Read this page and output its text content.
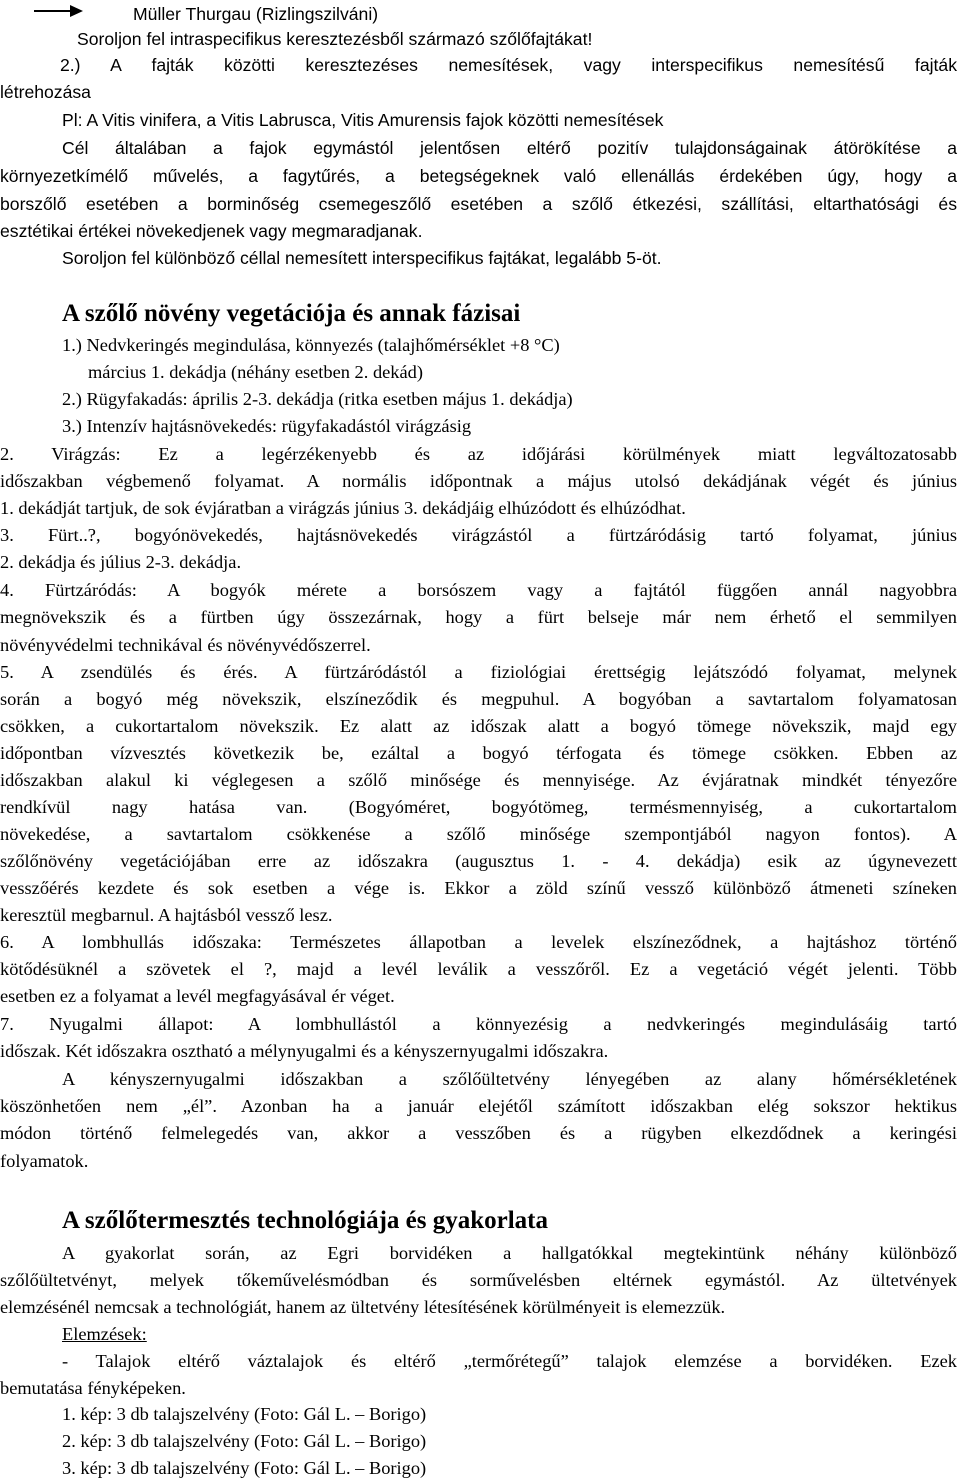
Müller Thurgau (Rizlingszilváni)
Soroljon fel intraspecifikus keresztezésből származó szőlőfajtákat!
2.) A fajták közötti keresztezéses nemesítések, vagy interspecifikus nemesítésű fajták
létrehozása
Pl: A Vitis vinifera, a Vitis Labrusca, Vitis Amurensis fajok közötti nemesítések
Cél általában a fajok egymástól jelentősen eltérő pozitív tulajdonságainak átörökítése a
környezetkímélő művelés, a fagytűrés, a betegségeknek való ellenállás érdekében úgy, hogy a
borszőlő esetében a borminőség csemegeszőlő esetében a szőlő étkezési, szállítási, eltarthatósági és
esztétikai értékei növekedjenek vagy megmaradjanak.
Soroljon fel különböző céllal nemesített interspecifikus fajtákat, legalább 5-öt.
A szőlő növény vegetációja és annak fázisai
1.) Nedvkeringés megindulása, könnyezés (talajhőmérséklet +8 °C)
március 1. dekádja (néhány esetben 2. dekád)
2.) Rügyfakadás: április 2-3. dekádja (ritka esetben május 1. dekádja)
3.) Intenzív hajtásnövekedés: rügyfakadástól virágzásig
2. Virágzás: Ez a legérzékenyebb és az időjárási körülmények miatt legváltozatosabb
időszakban végbemenő folyamat. A normális időpontnak a május utolsó dekádjának végét és június
1. dekádját tartjuk, de sok évjáratban a virágzás június 3. dekádjáig elhúzódott és elhúzódhat.
3. Fürt..?, bogyónövekedés, hajtásnövekedés virágzástól a fürtzáródásig tartó folyamat, június
2. dekádja és július 2-3. dekádja.
4. Fürtzáródás: A bogyók mérete a borsószem vagy a fajtától függően annál nagyobbra
megnövekszik és a fürtben úgy összezárnak, hogy a fürt belseje már nem érhető el semmilyen
növényvédelmi technikával és növényvédőszerrel.
5. A zsendülés és érés. A fürtzáródástól a fiziológiai érettségig lejátszódó folyamat, melynek
során a bogyó még növekszik, elszíneződik és megpuhul. A bogyóban a savtartalom folyamatosan
csökken, a cukortartalom növekszik. Ez alatt az időszak alatt a bogyó tömege növekszik, majd egy
időpontban vízvesztés következik be, ezáltal a bogyó térfogata és tömege csökken. Ebben az
időszakban alakul ki véglegesen a szőlő minősége és mennyisége. Az évjáratnak mindkét tényezőre
rendkívül nagy hatása van. (Bogyóméret, bogyótömeg, termésmennyiség, a cukortartalom
növekedése, a savtartalom csökkenése a szőlő minősége szempontjából nagyon fontos). A
szőlőnövény vegetációjában erre az időszakra (augusztus 1. - 4. dekádja) esik az úgynevezett
vesszőérés kezdete és sok esetben a vége is. Ekkor a zöld színű vessző különböző átmeneti színeken
keresztül megbarnul. A hajtásból vessző lesz.
6. A lombhullás időszaka: Természetes állapotban a levelek elszíneződnek, a hajtáshoz történő
kötődésüknél a szövetek el ?, majd a levél leválik a vesszőről. Ez a vegetáció végét jelenti. Több
esetben ez a folyamat a levél megfagyásával ér véget.
7. Nyugalmi állapot: A lombhullástól a könnyezésig a nedvkeringés megindulásáig tartó
időszak. Két időszakra osztható a mélynyugalmi és a kényszernyugalmi időszakra.
A kényszernyugalmi időszakban a szőlőültetvény lényegében az alany hőmérsékletének
köszönhetően nem „él”. Azonban ha a január elejétől számított időszakban elég sokszor hektikus
módon történő felmelegedés van, akkor a vesszőben és a rügyben elkezdődnek a keringési
folyamatok.
A szőlőtermesztés technológiája és gyakorlata
A gyakorlat során, az Egri borvidéken a hallgatókkal megtekintünk néhány különböző
szőlőültetvényt, melyek tőkeművelésmódban és sorművelésben eltérnek egymástól. Az ültetvények
elemzésénél nemcsak a technológiát, hanem az ültetvény létesítésének körülményeit is elemezzük.
Elemzések:
- Talajok eltérő váztalajok és eltérő „termőrétegű” talajok elemzése a borvidéken. Ezek
bemutatása fényképeken.
1. kép: 3 db talajszelvény (Foto: Gál L. – Borigo)
2. kép: 3 db talajszelvény (Foto: Gál L. – Borigo)
3. kép: 3 db talajszelvény (Foto: Gál L. – Borigo)
